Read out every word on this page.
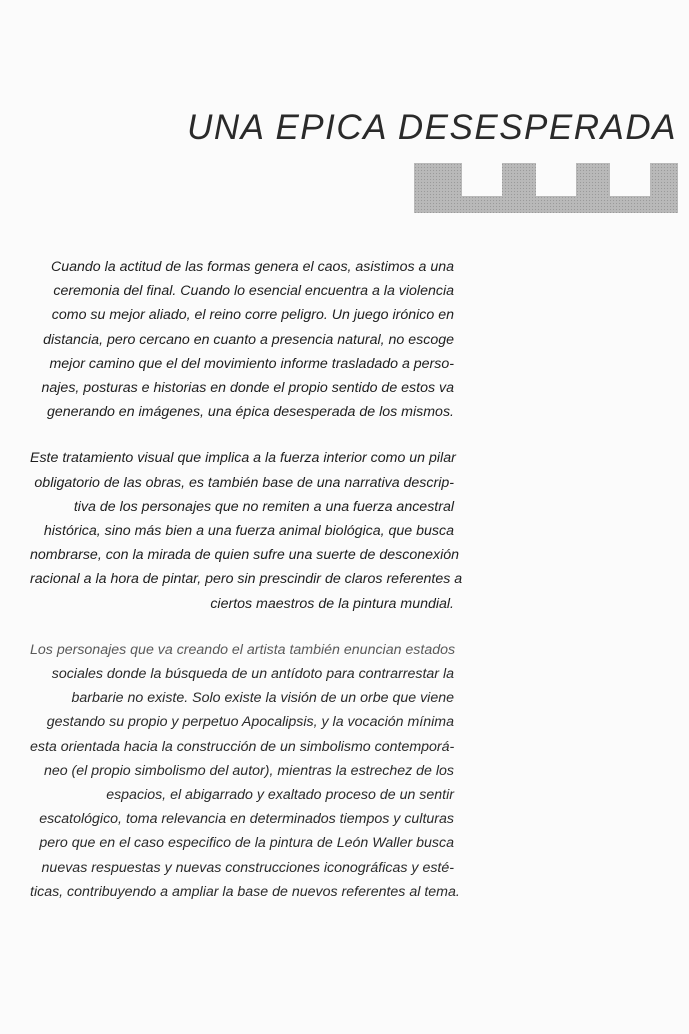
UNA EPICA DESESPERADA

Cuando la actitud de las formas genera el caos, asistimos a una
ceremonia del final. Cuando lo esencial encuentra a la violencia
como su mejor aliado, el reino corre peligro. Un juego irónico en
distancia, pero cercano en cuanto a presencia natural, no escoge
mejor camino que el del movimiento informe trasladado a perso-
najes, posturas e historias en donde el propio sentido de estos va
generando en imágenes, una épica desesperada de los mismos.

Este tratamiento visual que implica a la fuerza interior como un pilar
obligatorio de las obras, es también base de una narrativa descrip-
tiva de los personajes que no remiten a una fuerza ancestral
histórica, sino más bien a una fuerza animal biológica, que busca
nombrarse, con la mirada de quien sufre una suerte de desconexión
racional a la hora de pintar, pero sin prescindir de claros referentes a
ciertos maestros de la pintura mundial.

Los personajes que va creando el artista también enuncian estados
sociales donde la búsqueda de un antídoto para contrarrestar la
barbarie no existe. Solo existe la visión de un orbe que viene
gestando su propio y perpetuo Apocalipsis, y la vocación mínima
esta orientada hacia la construcción de un simbolismo contemporá-
neo (el propio simbolismo del autor), mientras la estrechez de los
espacios, el abigarrado y exaltado proceso de un sentir
escatológico, toma relevancia en determinados tiempos y culturas
pero que en el caso especifico de la pintura de León Waller busca
nuevas respuestas y nuevas construcciones iconográficas y esté-
ticas, contribuyendo a ampliar la base de nuevos referentes al tema.
